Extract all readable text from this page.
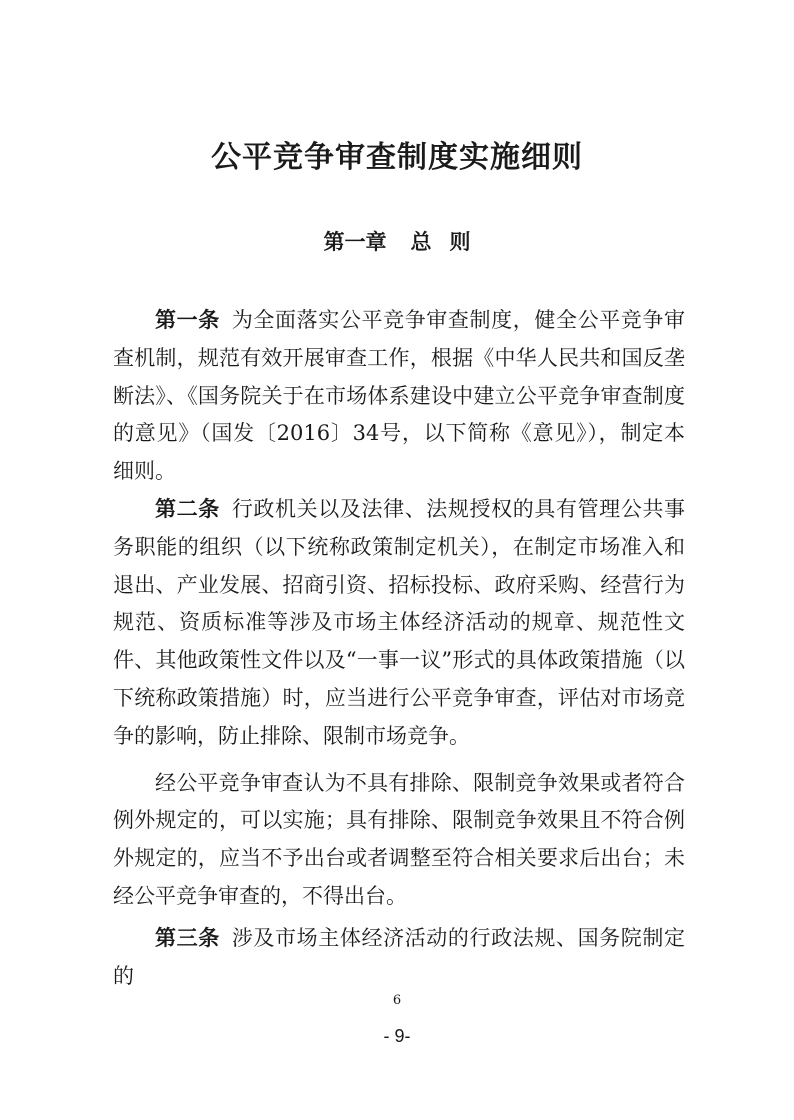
公平竞争审查制度实施细则
第一章 总 则

第一条 为全面落实公平竞争审查制度，健全公平竞争审查机制，规范有效开展审查工作，根据《中华人民共和国反垄断法》、《国务院关于在市场体系建设中建立公平竞争审查制度的意见》（国发〔2016〕34号，以下简称《意见》），制定本细则。

第二条 行政机关以及法律、法规授权的具有管理公共事务职能的组织（以下统称政策制定机关），在制定市场准入和退出、产业发展、招商引资、招标投标、政府采购、经营行为规范、资质标准等涉及市场主体经济活动的规章、规范性文件、其他政策性文件以及“一事一议”形式的具体政策措施（以下统称政策措施）时，应当进行公平竞争审查，评估对市场竞争的影响，防止排除、限制市场竞争。

经公平竞争审查认为不具有排除、限制竞争效果或者符合例外规定的，可以实施；具有排除、限制竞争效果且不符合例外规定的，应当不予出台或者调整至符合相关要求后出台；未经公平竞争审查的，不得出台。

第三条 涉及市场主体经济活动的行政法规、国务院制定的

6
- 9-
